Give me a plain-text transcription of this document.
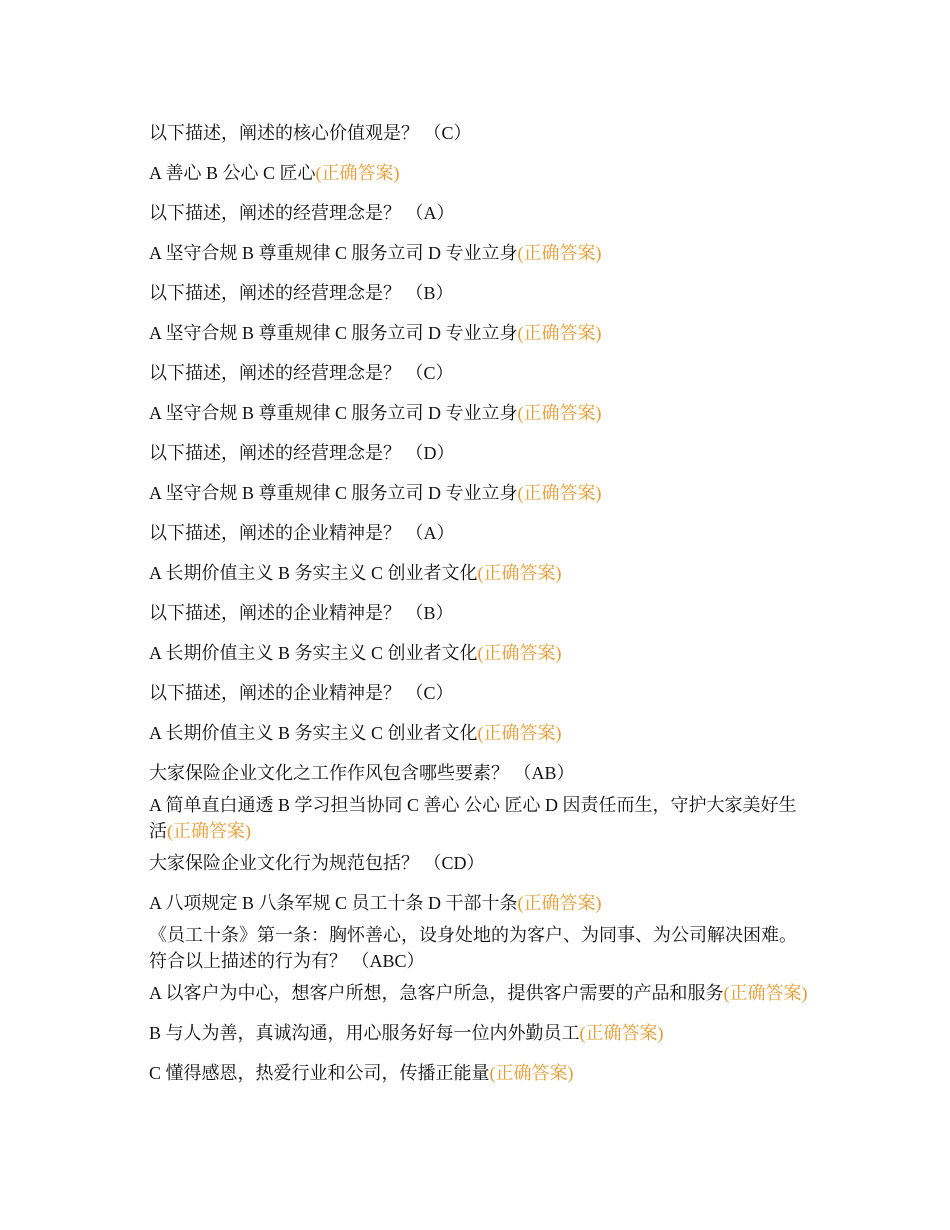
以下描述，阐述的核心价值观是？ （C）

A 善心 B 公心 C 匠心(正确答案)

以下描述，阐述的经营理念是？ （A）

A 坚守合规 B 尊重规律 C 服务立司 D 专业立身(正确答案)

以下描述，阐述的经营理念是？ （B）

A 坚守合规 B 尊重规律 C 服务立司 D 专业立身(正确答案)

以下描述，阐述的经营理念是？ （C）

A 坚守合规 B 尊重规律 C 服务立司 D 专业立身(正确答案)

以下描述，阐述的经营理念是？ （D）

A 坚守合规 B 尊重规律 C 服务立司 D 专业立身(正确答案)

以下描述，阐述的企业精神是？ （A）

A 长期价值主义 B 务实主义 C 创业者文化(正确答案)

以下描述，阐述的企业精神是？ （B）

A 长期价值主义 B 务实主义 C 创业者文化(正确答案)

以下描述，阐述的企业精神是？ （C）

A 长期价值主义 B 务实主义 C 创业者文化(正确答案)

大家保险企业文化之工作作风包含哪些要素？ （AB）

A 简单直白通透 B 学习担当协同 C 善心 公心 匠心 D 因责任而生，守护大家美好生活(正确答案)

大家保险企业文化行为规范包括？ （CD）

A 八项规定 B 八条军规 C 员工十条 D 干部十条(正确答案)

《员工十条》第一条：胸怀善心，设身处地的为客户、为同事、为公司解决困难。符合以上描述的行为有？ （ABC）

A 以客户为中心，想客户所想，急客户所急，提供客户需要的产品和服务(正确答案)

B 与人为善，真诚沟通，用心服务好每一位内外勤员工(正确答案)

C 懂得感恩，热爱行业和公司，传播正能量(正确答案)
